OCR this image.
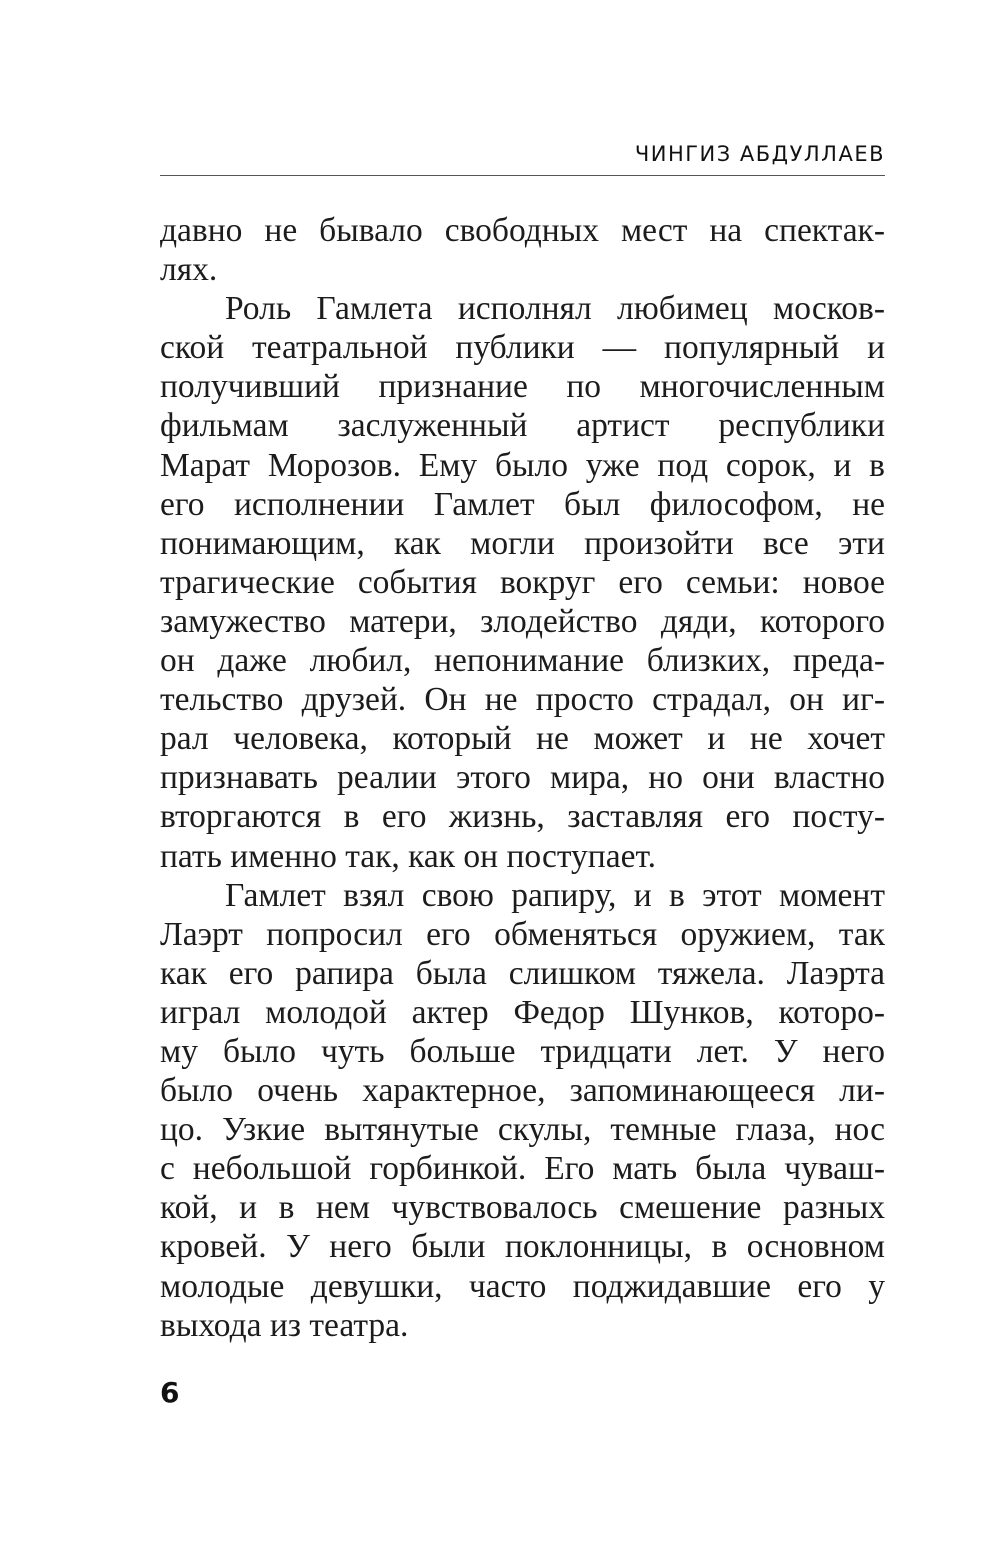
ЧИНГИЗ АБДУЛЛАЕВ
давно не бывало свободных мест на спектак-
лях.
Роль Гамлета исполнял любимец москов-
ской театральной публики — популярный и
получивший признание по многочисленным
фильмам заслуженный артист республики
Марат Морозов. Ему было уже под сорок, и в
его исполнении Гамлет был философом, не
понимающим, как могли произойти все эти
трагические события вокруг его семьи: новое
замужество матери, злодейство дяди, которого
он даже любил, непонимание близких, преда-
тельство друзей. Он не просто страдал, он иг-
рал человека, который не может и не хочет
признавать реалии этого мира, но они властно
вторгаются в его жизнь, заставляя его посту-
пать именно так, как он поступает.
Гамлет взял свою рапиру, и в этот момент
Лаэрт попросил его обменяться оружием, так
как его рапира была слишком тяжела. Лаэрта
играл молодой актер Федор Шунков, которо-
му было чуть больше тридцати лет. У него
было очень характерное, запоминающееся ли-
цо. Узкие вытянутые скулы, темные глаза, нос
с небольшой горбинкой. Его мать была чуваш-
кой, и в нем чувствовалось смешение разных
кровей. У него были поклонницы, в основном
молодые девушки, часто поджидавшие его у
выхода из театра.
6
